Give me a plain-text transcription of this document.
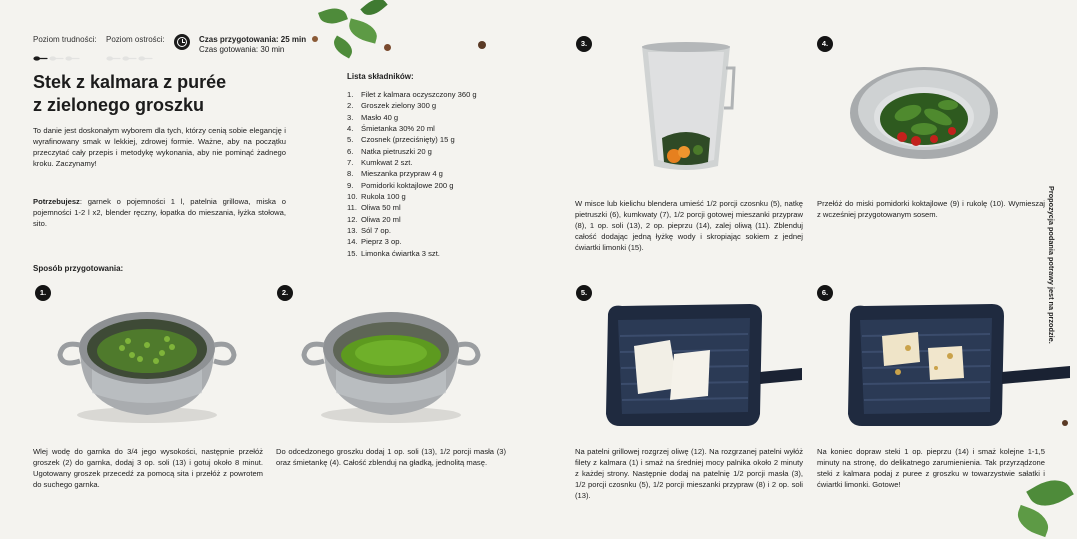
Poziom trudności: Poziom ostrości:	Czas przygotowania: 25 min
Czas gotowania: 30 min
Stek z kalmara z purée
z zielonego groszku
To danie jest doskonałym wyborem dla tych, którzy cenią sobie elegancję i wyrafinowany smak w lekkiej, zdrowej formie. Ważne, aby na początku przeczytać cały przepis i metodykę wykonania, aby nie pominąć żadnego kroku. Zaczynamy!
Potrzebujesz: garnek o pojemności 1 l, patelnia grillowa, miska o pojemności 1-2 l x2, blender ręczny, łopatka do mieszania, łyżka stołowa, sito.
Sposób przygotowania:
Lista składników:
1. Filet z kalmara oczyszczony 360 g
2. Groszek zielony 300 g
3. Masło 40 g
4. Śmietanka 30% 20 ml
5. Czosnek (przeciśnięty) 15 g
6. Natka pietruszki 20 g
7. Kumkwat 2 szt.
8. Mieszanka przypraw 4 g
9. Pomidorki koktajlowe 200 g
10. Rukola 100 g
11. Oliwa 50 ml
12. Oliwa 20 ml
13. Sól 7 op.
14. Pieprz 3 op.
15. Limonka ćwiartka 3 szt.
1.	2.
3.	4.
5.	6.
Wlej wodę do garnka do 3/4 jego wysokości, następnie przełóż groszek (2) do garnka, dodaj 3 op. soli (13) i gotuj około 8 minut. Ugotowany groszek przecedź za pomocą sita i przełóż z powrotem do suchego garnka.
Do odcedzonego groszku dodaj 1 op. soli (13), 1/2 porcji masła (3) oraz śmietankę (4). Całość zblenduj na gładką, jednolitą masę.
W misce lub kielichu blendera umieść 1/2 porcji czosnku (5), natkę pietruszki (6), kumkwaty (7), 1/2 porcji gotowej mieszanki przypraw (8), 1 op. soli (13), 2 op. pieprzu (14), zalej oliwą (11). Zblenduj całość dodając jedną łyżkę wody i skropiając sokiem z jednej ćwiartki limonki (15).
Przełóż do miski pomidorki koktajlowe (9) i rukolę (10). Wymieszaj z wcześniej przygotowanym sosem.
Na patelni grillowej rozgrzej oliwę (12). Na rozgrzanej patelni wyłóż filety z kalmara (1) i smaż na średniej mocy palnika około 2 minuty z każdej strony. Następnie dodaj na patelnię 1/2 porcji masła (3), 1/2 porcji czosnku (5), 1/2 porcji mieszanki przypraw (8) i 2 op. soli (13).
Na koniec dopraw steki 1 op. pieprzu (14) i smaż kolejne 1-1,5 minuty na stronę, do delikatnego zarumienienia. Tak przyrządzone steki z kalmara podaj z puree z groszku w towarzystwie sałatki i ćwiartki limonki. Gotowe!
Propozycja podania potrawy jest na przodzie.
